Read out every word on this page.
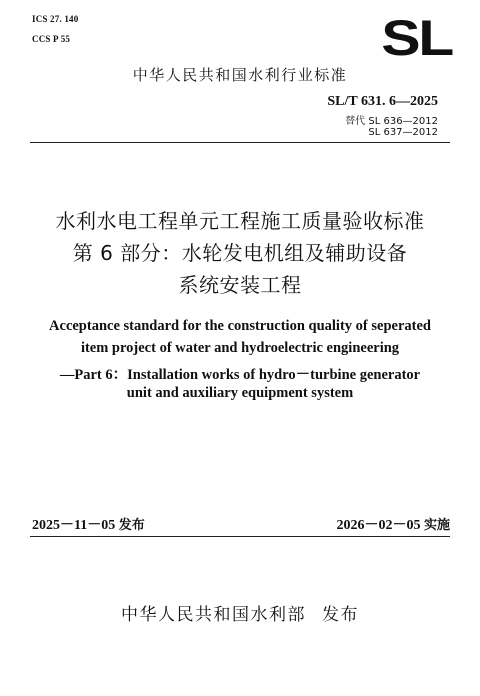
ICS 27. 140
CCS P 55	SL
中华人民共和国水利行业标准
SL/T 631. 6—2025
替代 SL 636—2012
SL 637—2012
水利水电工程单元工程施工质量验收标准
第 6 部分：水轮发电机组及辅助设备
系统安装工程
Acceptance standard for the construction quality of seperated
item project of water and hydroelectric engineering
—Part 6：Installation works of hydro－turbine generator
unit and auxiliary equipment system
2025－11－05 发布	2026－02－05 实施
中华人民共和国水利部 发布
